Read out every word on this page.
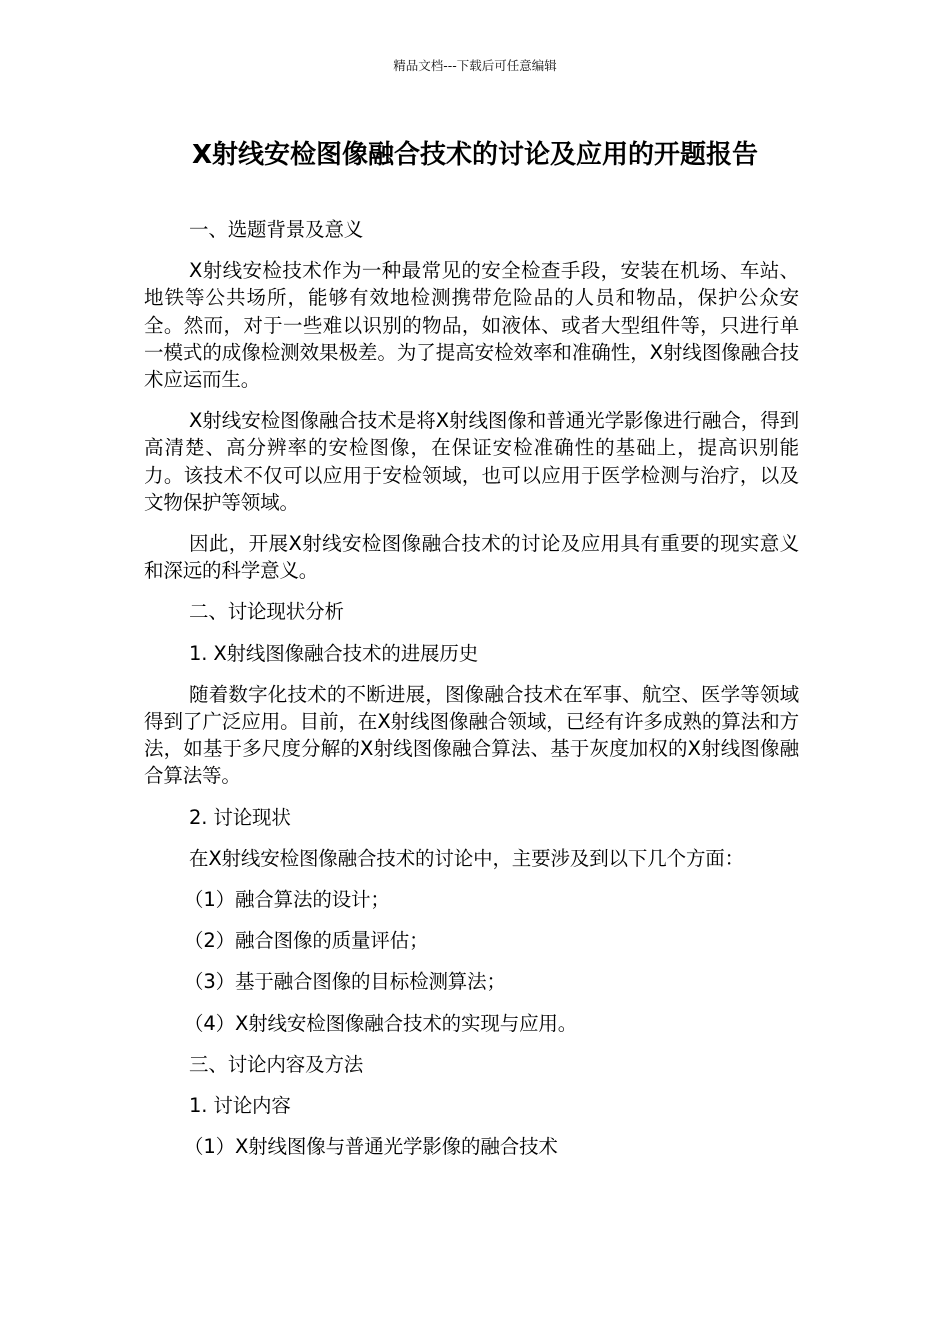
精品文档---下载后可任意编辑
X射线安检图像融合技术的讨论及应用的开题报告

一、选题背景及意义

X射线安检技术作为一种最常见的安全检查手段，安装在机场、车站、地铁等公共场所，能够有效地检测携带危险品的人员和物品，保护公众安全。然而，对于一些难以识别的物品，如液体、或者大型组件等，只进行单一模式的成像检测效果极差。为了提高安检效率和准确性，X射线图像融合技术应运而生。

X射线安检图像融合技术是将X射线图像和普通光学影像进行融合，得到高清楚、高分辨率的安检图像，在保证安检准确性的基础上，提高识别能力。该技术不仅可以应用于安检领域，也可以应用于医学检测与治疗，以及文物保护等领域。

因此，开展X射线安检图像融合技术的讨论及应用具有重要的现实意义和深远的科学意义。

二、讨论现状分析

1. X射线图像融合技术的进展历史

随着数字化技术的不断进展，图像融合技术在军事、航空、医学等领域得到了广泛应用。目前，在X射线图像融合领域，已经有许多成熟的算法和方法，如基于多尺度分解的X射线图像融合算法、基于灰度加权的X射线图像融合算法等。

2. 讨论现状

在X射线安检图像融合技术的讨论中，主要涉及到以下几个方面：

（1）融合算法的设计；

（2）融合图像的质量评估；

（3）基于融合图像的目标检测算法；

（4）X射线安检图像融合技术的实现与应用。

三、讨论内容及方法

1. 讨论内容

（1）X射线图像与普通光学影像的融合技术
